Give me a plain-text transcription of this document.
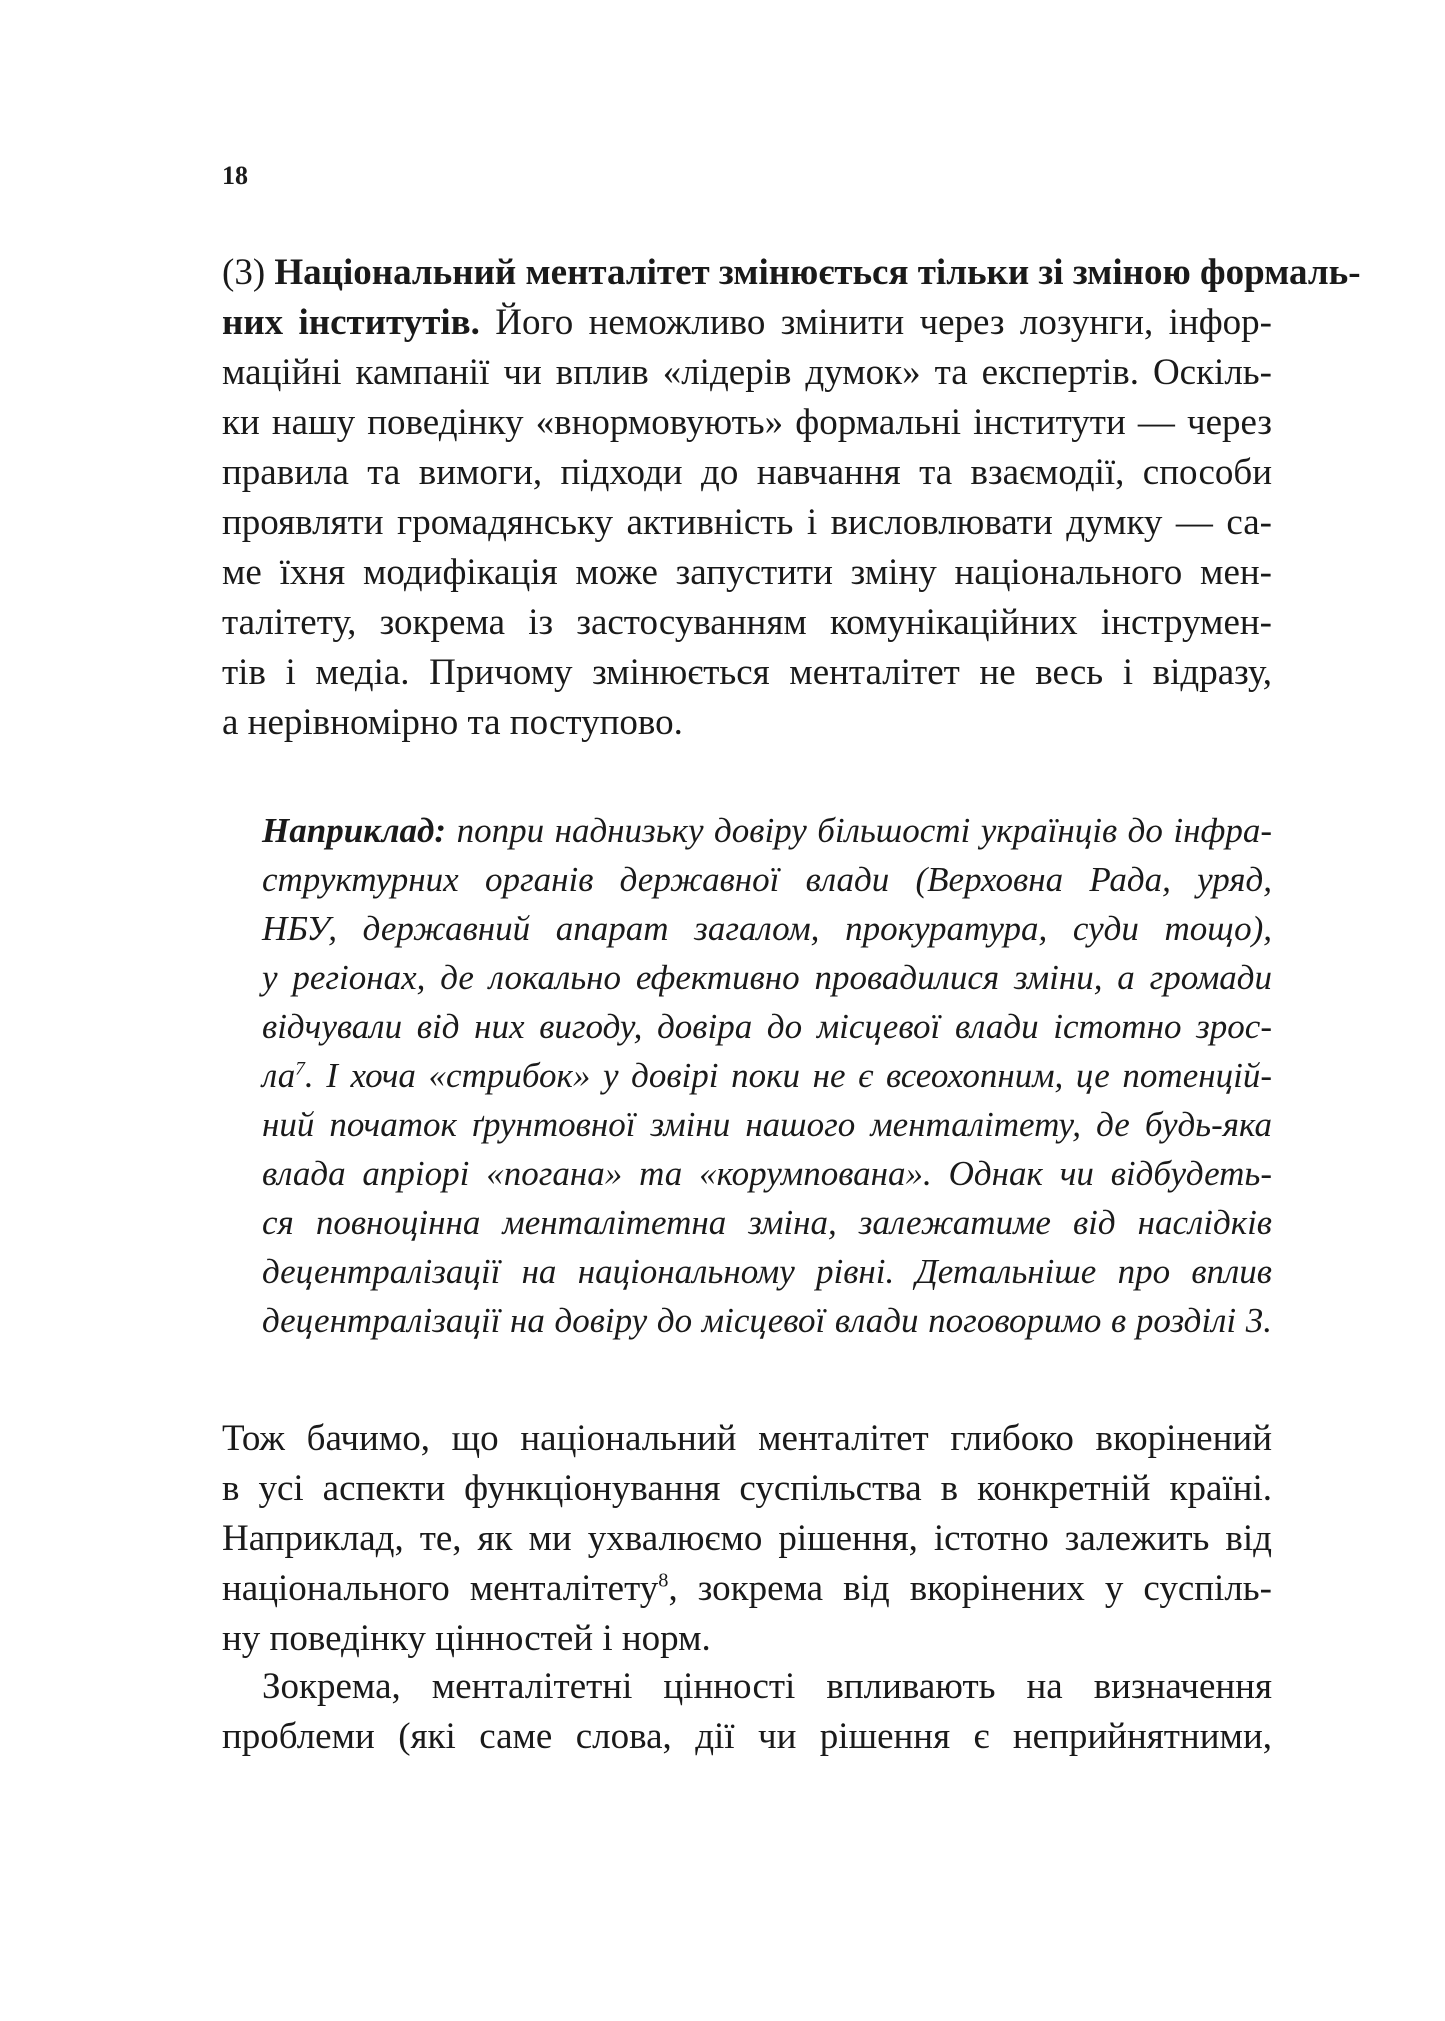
18
(3) Національний менталітет змінюється тільки зі зміною формаль-
них інститутів. Його неможливо змінити через лозунги, інфор-
маційні кампанії чи вплив «лідерів думок» та експертів. Оскіль-
ки нашу поведінку «внормовують» формальні інститути — через
правила та вимоги, підходи до навчання та взаємодії, способи
проявляти громадянську активність і висловлювати думку — са-
ме їхня модифікація може запустити зміну національного мен-
талітету, зокрема із застосуванням комунікаційних інструмен-
тів і медіа. Причому змінюється менталітет не весь і відразу,
а нерівномірно та поступово.
Наприклад: попри наднизьку довіру більшості українців до інфра-
структурних органів державної влади (Верховна Рада, уряд,
НБУ, державний апарат загалом, прокуратура, суди тощо),
у регіонах, де локально ефективно провадилися зміни, а громади
відчували від них вигоду, довіра до місцевої влади істотно зрос-
$ла^7$. І хоча «стрибок» у довірі поки не є всеохопним, це потенцій-
ний початок ґрунтовної зміни нашого менталітету, де будь-яка
влада апріорі «погана» та «корумпована». Однак чи відбудеть-
ся повноцінна менталітетна зміна, залежатиме від наслідків
децентралізації на національному рівні. Детальніше про вплив
децентралізації на довіру до місцевої влади поговоримо в розділі 3.
Тож бачимо, що національний менталітет глибоко вкорінений
в усі аспекти функціонування суспільства в конкретній країні.
Наприклад, те, як ми ухвалюємо рішення, істотно залежить від
національного менталітету$^8$, зокрема від вкорінених у суспіль-
ну поведінку цінностей і норм.
Зокрема, менталітетні цінності впливають на визначення
проблеми (які саме слова, дії чи рішення є неприйнятними,
